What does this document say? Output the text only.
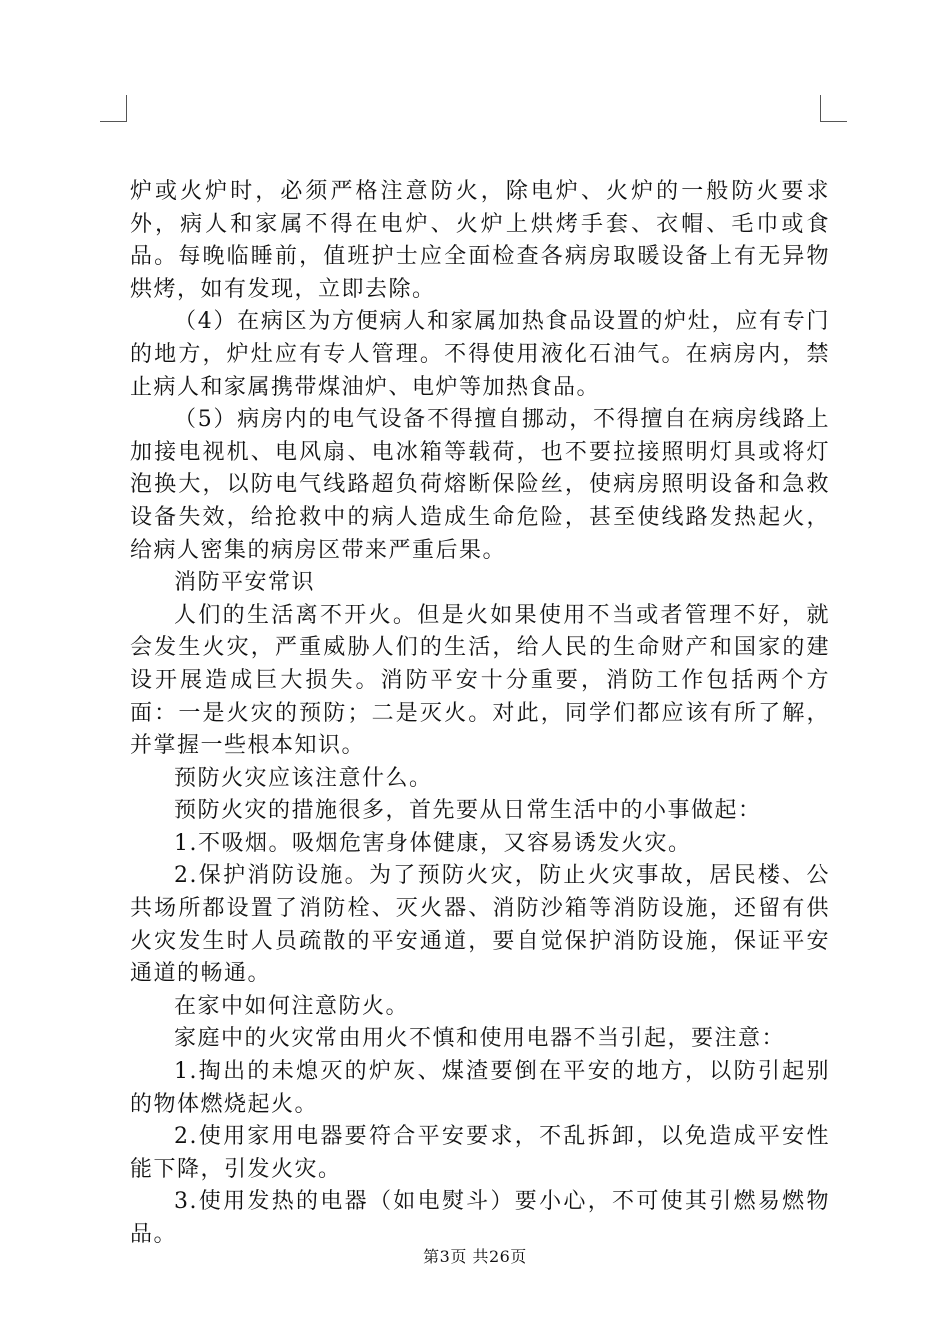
炉或火炉时，必须严格注意防火，除电炉、火炉的一般防火要求外，病人和家属不得在电炉、火炉上烘烤手套、衣帽、毛巾或食品。每晚临睡前，值班护士应全面检查各病房取暖设备上有无异物烘烤，如有发现，立即去除。

（4）在病区为方便病人和家属加热食品设置的炉灶，应有专门的地方，炉灶应有专人管理。不得使用液化石油气。在病房内，禁止病人和家属携带煤油炉、电炉等加热食品。

（5）病房内的电气设备不得擅自挪动，不得擅自在病房线路上加接电视机、电风扇、电冰箱等载荷，也不要拉接照明灯具或将灯泡换大，以防电气线路超负荷熔断保险丝，使病房照明设备和急救设备失效，给抢救中的病人造成生命危险，甚至使线路发热起火，给病人密集的病房区带来严重后果。

消防平安常识

人们的生活离不开火。但是火如果使用不当或者管理不好，就会发生火灾，严重威胁人们的生活，给人民的生命财产和国家的建设开展造成巨大损失。消防平安十分重要，消防工作包括两个方面：一是火灾的预防；二是灭火。对此，同学们都应该有所了解，并掌握一些根本知识。

预防火灾应该注意什么。

预防火灾的措施很多，首先要从日常生活中的小事做起：

1.不吸烟。吸烟危害身体健康，又容易诱发火灾。

2.保护消防设施。为了预防火灾，防止火灾事故，居民楼、公共场所都设置了消防栓、灭火器、消防沙箱等消防设施，还留有供火灾发生时人员疏散的平安通道，要自觉保护消防设施，保证平安通道的畅通。

在家中如何注意防火。

家庭中的火灾常由用火不慎和使用电器不当引起，要注意：

1.掏出的未熄灭的炉灰、煤渣要倒在平安的地方，以防引起别的物体燃烧起火。

2.使用家用电器要符合平安要求，不乱拆卸，以免造成平安性能下降，引发火灾。

3.使用发热的电器（如电熨斗）要小心，不可使其引燃易燃物品。

第3页 共26页
